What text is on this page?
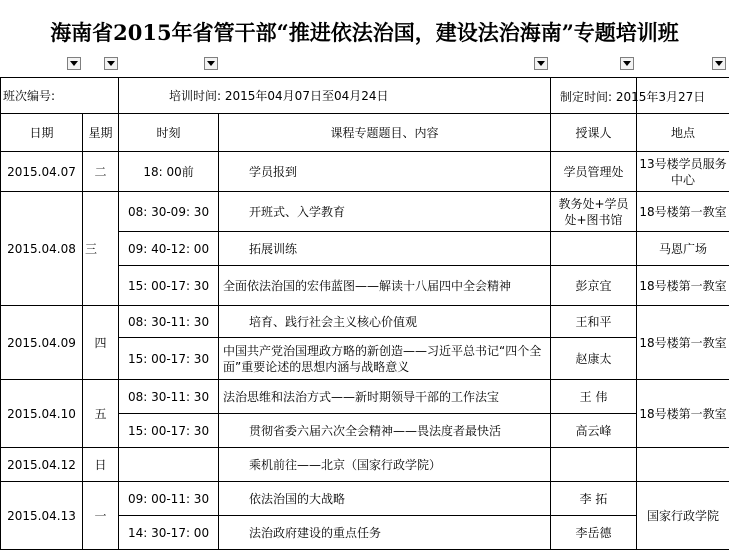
海南省2015年省管干部“推进依法治国，建设法治海南”专题培训班
班次编号:		培训时间: 2015年04月07日至04月24日			
日期	星期	时刻	课程专题题目、内容	授课人	地点
2015.04.07	二	18: 00前	学员报到	学员管理处	13号楼学员服务中心
2015.04.08	三	08: 30-09: 30	开班式、入学教育	教务处+学员处+图书馆	18号楼第一教室
		09: 40-12: 00	拓展训练		马恩广场
		15: 00-17: 30	全面依法治国的宏伟蓝图——解读十八届四中全会精神	彭京宜	18号楼第一教室
2015.04.09	四	08: 30-11: 30	培育、践行社会主义核心价值观	王和平	18号楼第一教室
		15: 00-17: 30	中国共产党治国理政方略的新创造——习近平总书记“四个全面”重要论述的思想内涵与战略意义	赵康太	
2015.04.10	五	08: 30-11: 30	法治思维和法治方式——新时期领导干部的工作法宝	王 伟	18号楼第一教室
		15: 00-17: 30	贯彻省委六届六次全会精神——畏法度者最快活	高云峰	
2015.04.12	日		乘机前往——北京（国家行政学院）		
2015.04.13	一	09: 00-11: 30	依法治国的大战略	李 拓	国家行政学院
		14: 30-17: 00	法治政府建设的重点任务	李岳德	
制定时间: 2015年3月27日
